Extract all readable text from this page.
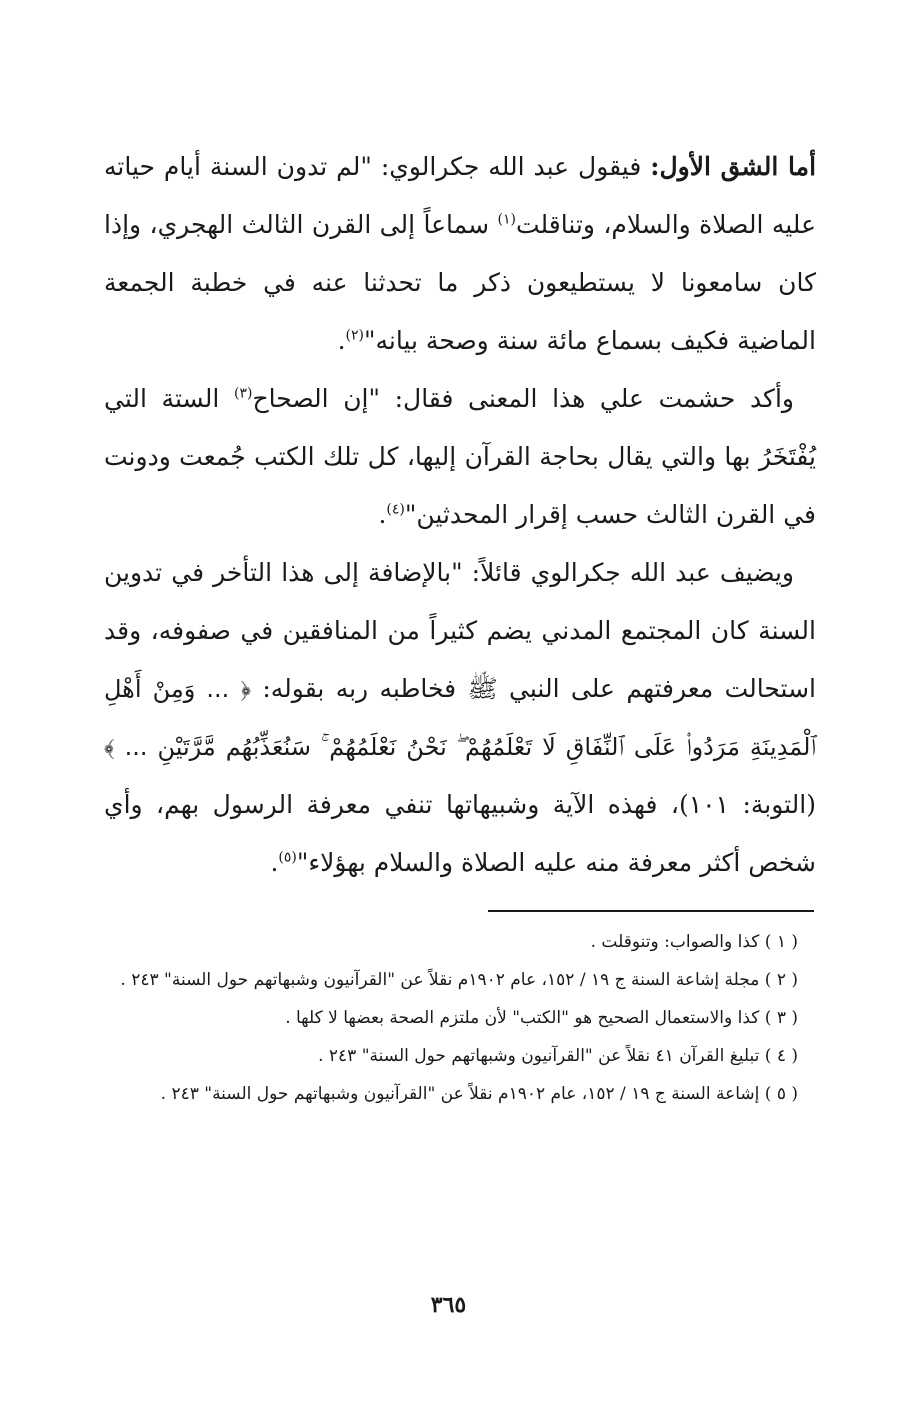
أما الشق الأول: فيقول عبد الله جكرالوي: "لم تدون السنة أيام حياته عليه الصلاة والسلام، وتناقلت$^{(١)}$ سماعاً إلى القرن الثالث الهجري، وإذا كان سامعونا لا يستطيعون ذكر ما تحدثنا عنه في خطبة الجمعة الماضية فكيف بسماع مائة سنة وصحة بيانه"$^{(٢)}$.

وأكد حشمت علي هذا المعنى فقال: "إن الصحاح$^{(٣)}$ الستة التي يُفْتَخَرُ بها والتي يقال بحاجة القرآن إليها، كل تلك الكتب جُمعت ودونت في القرن الثالث حسب إقرار المحدثين"$^{(٤)}$.

ويضيف عبد الله جكرالوي قائلاً: "بالإضافة إلى هذا التأخر في تدوين السنة كان المجتمع المدني يضم كثيراً من المنافقين في صفوفه، وقد استحالت معرفتهم على النبي ﷺ فخاطبه ربه بقوله: ﴿ ... وَمِنْ أَهْلِ ٱلْمَدِينَةِ مَرَدُوا۟ عَلَى ٱلنِّفَاقِ لَا تَعْلَمُهُمْ ۖ نَحْنُ نَعْلَمُهُمْ ۚ سَنُعَذِّبُهُم مَّرَّتَيْنِ ... ﴾ (التوبة: ١٠١)، فهذه الآية وشبيهاتها تنفي معرفة الرسول بهم، وأي شخص أكثر معرفة منه عليه الصلاة والسلام بهؤلاء"$^{(٥)}$.

( ١ ) كذا والصواب: وتنوقلت .

( ٢ ) مجلة إشاعة السنة ج ١٩ / ١٥٢، عام ١٩٠٢م نقلاً عن "القرآنيون وشبهاتهم حول السنة" ٢٤٣ .

( ٣ ) كذا والاستعمال الصحيح هو "الكتب" لأن ملتزم الصحة بعضها لا كلها .

( ٤ ) تبليغ القرآن ٤١ نقلاً عن "القرآنيون وشبهاتهم حول السنة" ٢٤٣ .

( ٥ ) إشاعة السنة ج ١٩ / ١٥٢، عام ١٩٠٢م نقلاً عن "القرآنيون وشبهاتهم حول السنة" ٢٤٣ .

٣٦٥
